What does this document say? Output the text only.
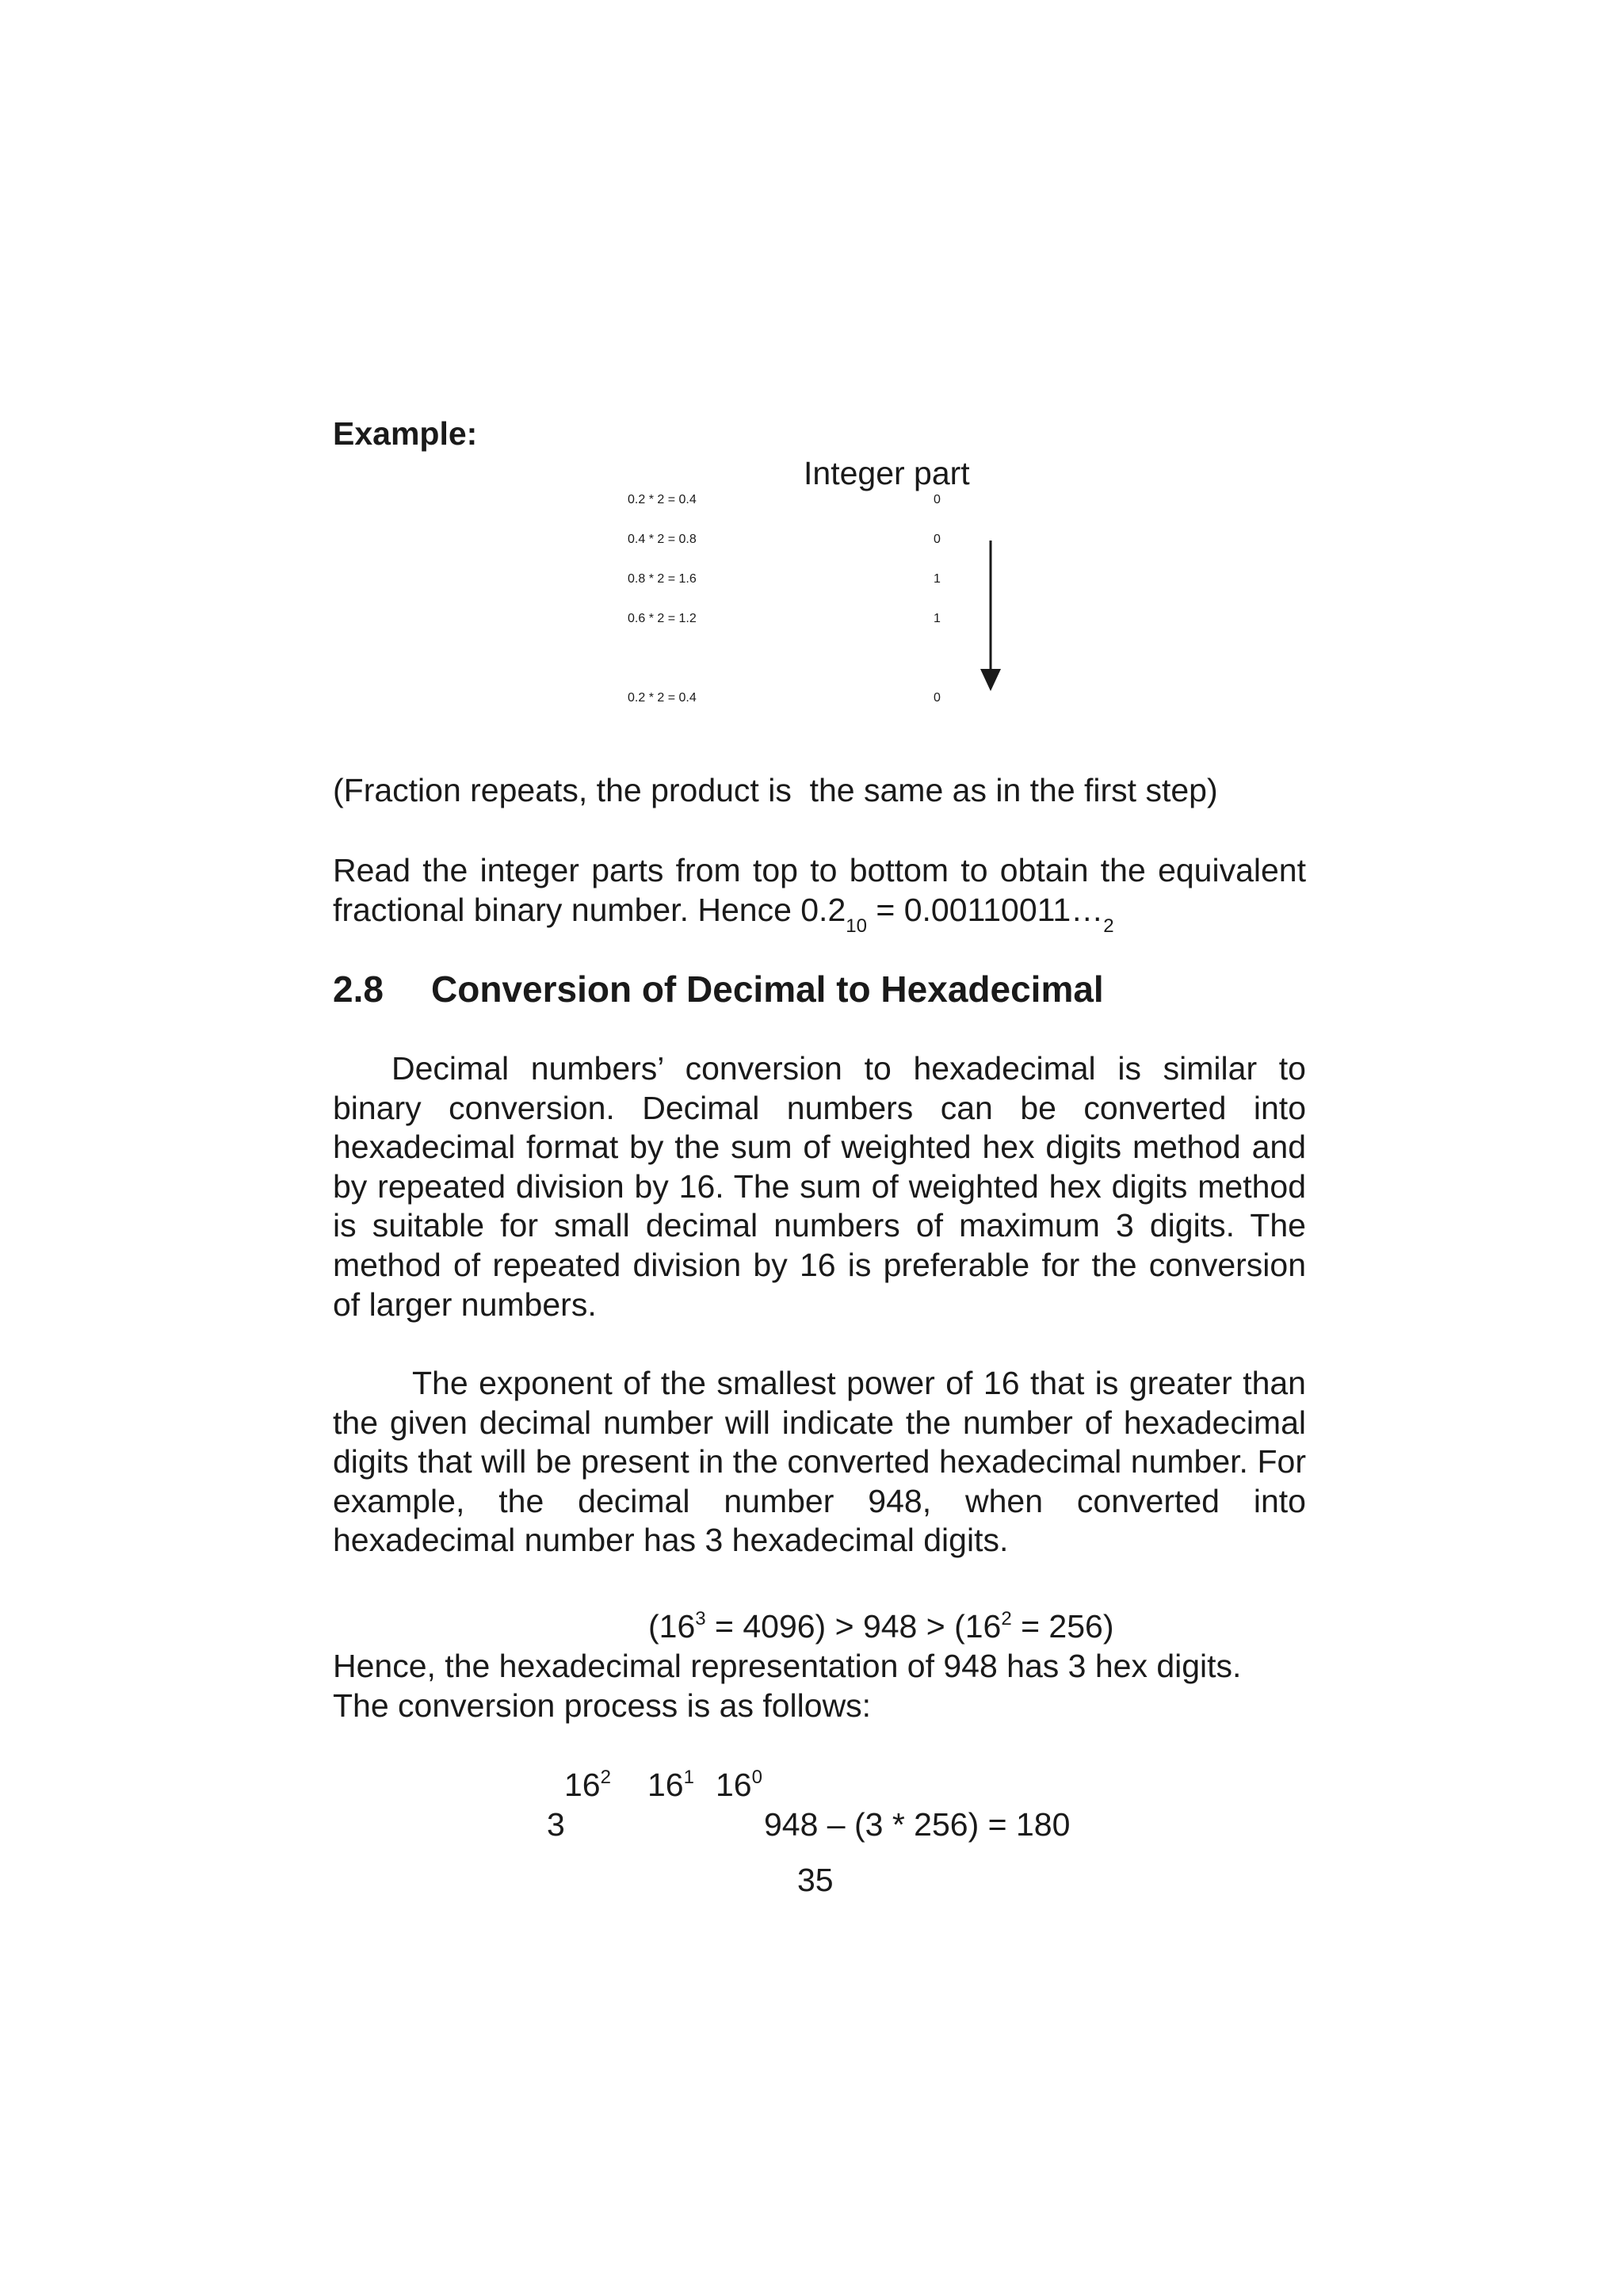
Example:
Integer part
0.2 * 2 = 0.4	0
0.4 * 2 = 0.8	0
0.8 * 2 = 1.6	1
0.6 * 2 = 1.2	1
0.2 * 2 = 0.4	0
(Fraction repeats, the product is  the same as in the first step)
Read the integer parts from top to bottom to obtain the equivalent fractional binary number. Hence $0.2_{10}$ = $0.00110011\dots_2$
2.8 Conversion of Decimal to Hexadecimal
Decimal numbers’ conversion to hexadecimal is similar to binary conversion. Decimal numbers can be converted into hexadecimal format by the sum of weighted hex digits method and by repeated division by 16. The sum of weighted hex digits method is suitable for small decimal numbers of maximum 3 digits. The method of repeated division by 16 is preferable for the conversion of larger numbers.
The exponent of the smallest power of 16 that is greater than the given decimal number will indicate the number of hexadecimal digits that will be present in the converted hexadecimal number. For example, the decimal number 948, when converted into hexadecimal number has 3 hexadecimal digits.
$(16^3 = 4096) > 948 > (16^2 = 256)$
Hence, the hexadecimal representation of 948 has 3 hex digits.
The conversion process is as follows:
$16^2$ $16^1$ $16^0$
3	948 – (3 * 256) = 180
35
